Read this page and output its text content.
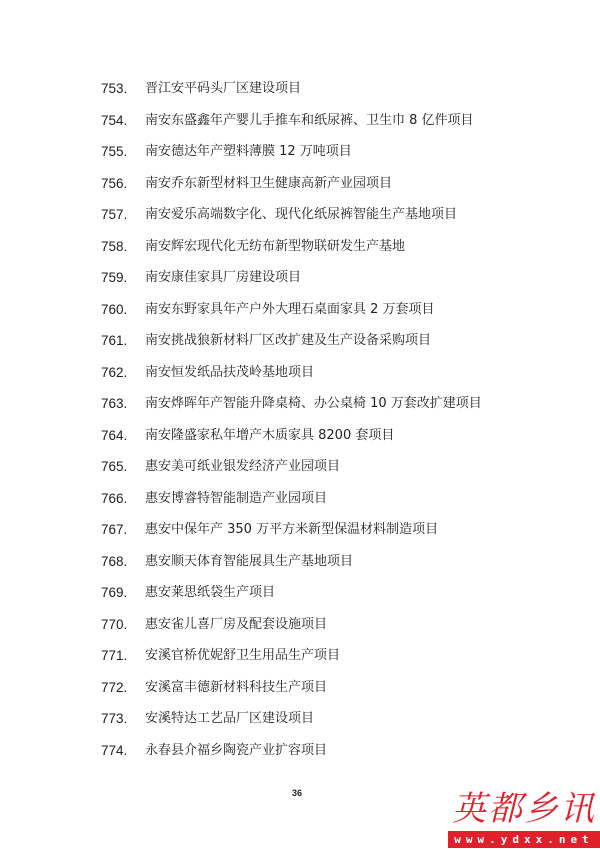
753. 晋江安平码头厂区建设项目
754. 南安东盛鑫年产婴儿手推车和纸尿裤、卫生巾 8 亿件项目
755. 南安德达年产塑料薄膜 12 万吨项目
756. 南安乔东新型材料卫生健康高新产业园项目
757. 南安爱乐高端数字化、现代化纸尿裤智能生产基地项目
758. 南安辉宏现代化无纺布新型物联研发生产基地
759. 南安康佳家具厂房建设项目
760. 南安东野家具年产户外大理石桌面家具 2 万套项目
761. 南安挑战狼新材料厂区改扩建及生产设备采购项目
762. 南安恒发纸品扶茂岭基地项目
763. 南安烨晖年产智能升降桌椅、办公桌椅 10 万套改扩建项目
764. 南安隆盛家私年增产木质家具 8200 套项目
765. 惠安美可纸业银发经济产业园项目
766. 惠安博睿特智能制造产业园项目
767. 惠安中保年产 350 万平方米新型保温材料制造项目
768. 惠安顺天体育智能展具生产基地项目
769. 惠安莱思纸袋生产项目
770. 惠安雀儿喜厂房及配套设施项目
771. 安溪官桥优妮舒卫生用品生产项目
772. 安溪富丰德新材料科技生产项目
773. 安溪特达工艺品厂区建设项目
774. 永春县介福乡陶瓷产业扩容项目
36	英都乡讯
www.ydxx.net
